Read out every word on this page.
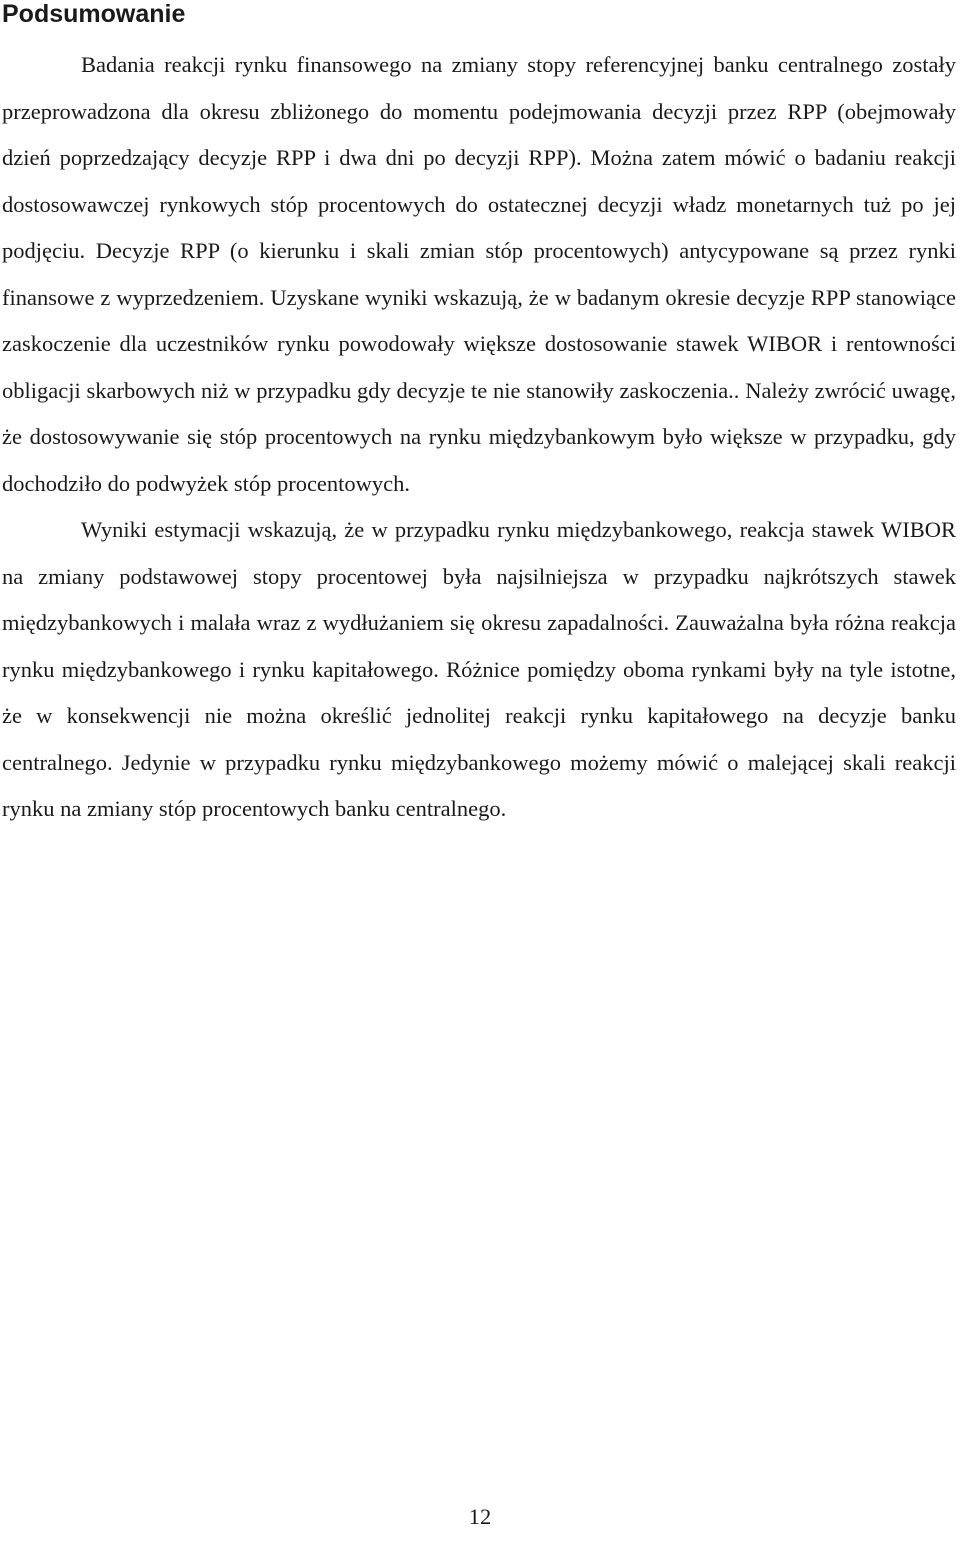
Podsumowanie

Badania reakcji rynku finansowego na zmiany stopy referencyjnej banku centralnego zostały przeprowadzona dla okresu zbliżonego do momentu podejmowania decyzji przez RPP (obejmowały dzień poprzedzający decyzje RPP i dwa dni po decyzji RPP). Można zatem mówić o badaniu reakcji dostosowawczej rynkowych stóp procentowych do ostatecznej decyzji władz monetarnych tuż po jej podjęciu. Decyzje RPP (o kierunku i skali zmian stóp procentowych) antycypowane są przez rynki finansowe z wyprzedzeniem. Uzyskane wyniki wskazują, że w badanym okresie decyzje RPP stanowiące zaskoczenie dla uczestników rynku powodowały większe dostosowanie stawek WIBOR i rentowności obligacji skarbowych niż w przypadku gdy decyzje te nie stanowiły zaskoczenia.. Należy zwrócić uwagę, że dostosowywanie się stóp procentowych na rynku międzybankowym było większe w przypadku, gdy dochodziło do podwyżek stóp procentowych.

Wyniki estymacji wskazują, że w przypadku rynku międzybankowego, reakcja stawek WIBOR na zmiany podstawowej stopy procentowej była najsilniejsza w przypadku najkrótszych stawek międzybankowych i malała wraz z wydłużaniem się okresu zapadalności. Zauważalna była różna reakcja rynku międzybankowego i rynku kapitałowego. Różnice pomiędzy oboma rynkami były na tyle istotne, że w konsekwencji nie można określić jednolitej reakcji rynku kapitałowego na decyzje banku centralnego. Jedynie w przypadku rynku międzybankowego możemy mówić o malejącej skali reakcji rynku na zmiany stóp procentowych banku centralnego.

12
